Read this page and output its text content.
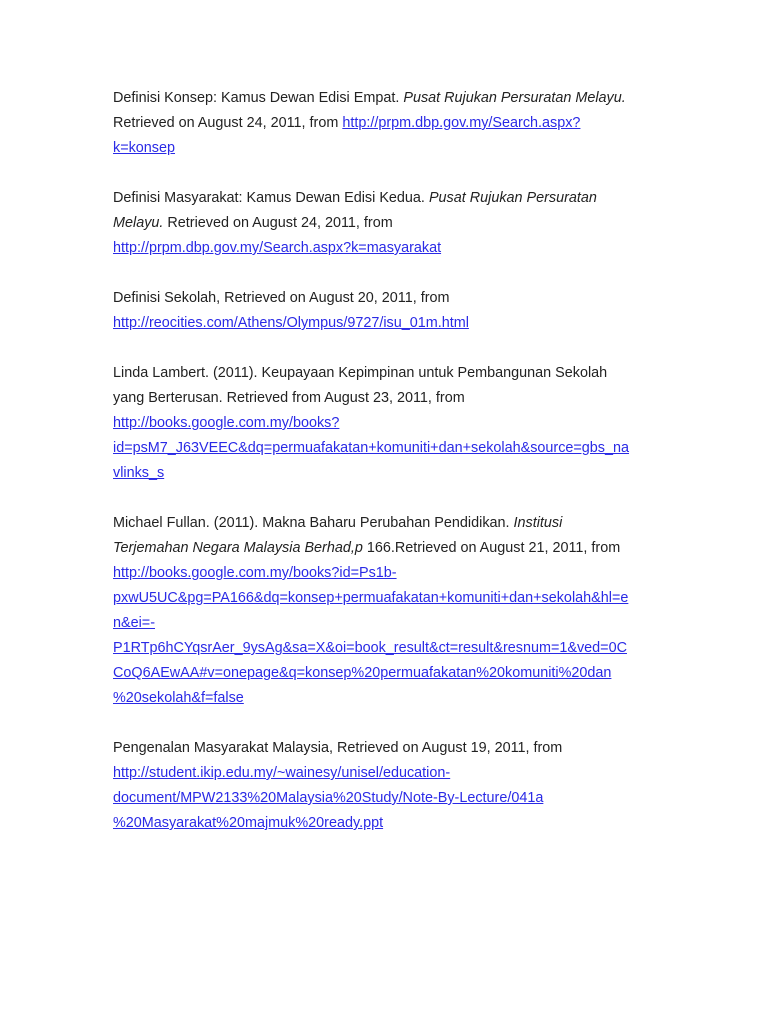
Definisi Konsep: Kamus Dewan Edisi Empat. Pusat Rujukan Persuratan Melayu.
Retrieved on August 24, 2011, from http://prpm.dbp.gov.my/Search.aspx?
k=konsep
Definisi Masyarakat: Kamus Dewan Edisi Kedua. Pusat Rujukan Persuratan
Melayu. Retrieved on August 24, 2011, from
http://prpm.dbp.gov.my/Search.aspx?k=masyarakat
Definisi Sekolah, Retrieved on August 20, 2011, from
http://reocities.com/Athens/Olympus/9727/isu_01m.html
Linda Lambert. (2011). Keupayaan Kepimpinan untuk Pembangunan Sekolah
yang Berterusan. Retrieved from August 23, 2011, from
http://books.google.com.my/books?
id=psM7_J63VEEC&dq=permuafakatan+komuniti+dan+sekolah&source=gbs_na
vlinks_s
Michael Fullan. (2011). Makna Baharu Perubahan Pendidikan. Institusi
Terjemahan Negara Malaysia Berhad,p 166.Retrieved on August 21, 2011, from
http://books.google.com.my/books?id=Ps1b-
pxwU5UC&pg=PA166&dq=konsep+permuafakatan+komuniti+dan+sekolah&hl=e
n&ei=-
P1RTp6hCYqsrAer_9ysAg&sa=X&oi=book_result&ct=result&resnum=1&ved=0C
CoQ6AEwAA#v=onepage&q=konsep%20permuafakatan%20komuniti%20dan
%20sekolah&f=false
Pengenalan Masyarakat Malaysia, Retrieved on August 19, 2011, from
http://student.ikip.edu.my/~wainesy/unisel/education-
document/MPW2133%20Malaysia%20Study/Note-By-Lecture/041a
%20Masyarakat%20majmuk%20ready.ppt
